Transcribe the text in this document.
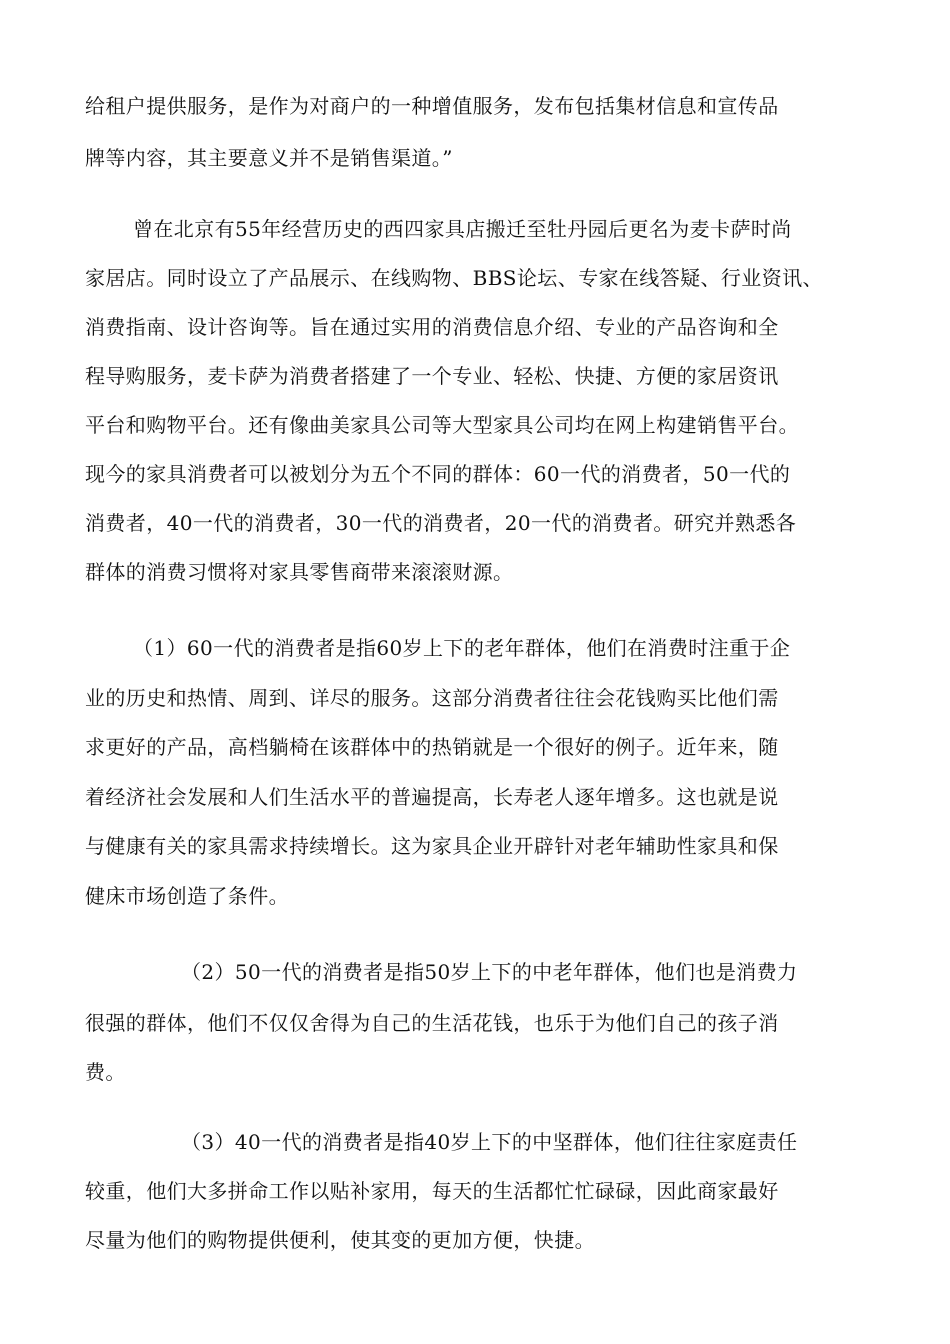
给租户提供服务，是作为对商户的一种增值服务，发布包括集材信息和宣传品
牌等内容，其主要意义并不是销售渠道。”
曾在北京有55年经营历史的西四家具店搬迁至牡丹园后更名为麦卡萨时尚
家居店。同时设立了产品展示、在线购物、BBS论坛、专家在线答疑、行业资讯、
消费指南、设计咨询等。旨在通过实用的消费信息介绍、专业的产品咨询和全
程导购服务，麦卡萨为消费者搭建了一个专业、轻松、快捷、方便的家居资讯
平台和购物平台。还有像曲美家具公司等大型家具公司均在网上构建销售平台。
现今的家具消费者可以被划分为五个不同的群体：60一代的消费者，50一代的
消费者，40一代的消费者，30一代的消费者，20一代的消费者。研究并熟悉各
群体的消费习惯将对家具零售商带来滚滚财源。
（1）60一代的消费者是指60岁上下的老年群体，他们在消费时注重于企
业的历史和热情、周到、详尽的服务。这部分消费者往往会花钱购买比他们需
求更好的产品，高档躺椅在该群体中的热销就是一个很好的例子。近年来，随
着经济社会发展和人们生活水平的普遍提高，长寿老人逐年增多。这也就是说
与健康有关的家具需求持续增长。这为家具企业开辟针对老年辅助性家具和保
健床市场创造了条件。
（2）50一代的消费者是指50岁上下的中老年群体，他们也是消费力
很强的群体，他们不仅仅舍得为自己的生活花钱，也乐于为他们自己的孩子消
费。
（3）40一代的消费者是指40岁上下的中坚群体，他们往往家庭责任
较重，他们大多拼命工作以贴补家用，每天的生活都忙忙碌碌，因此商家最好
尽量为他们的购物提供便利，使其变的更加方便，快捷。
